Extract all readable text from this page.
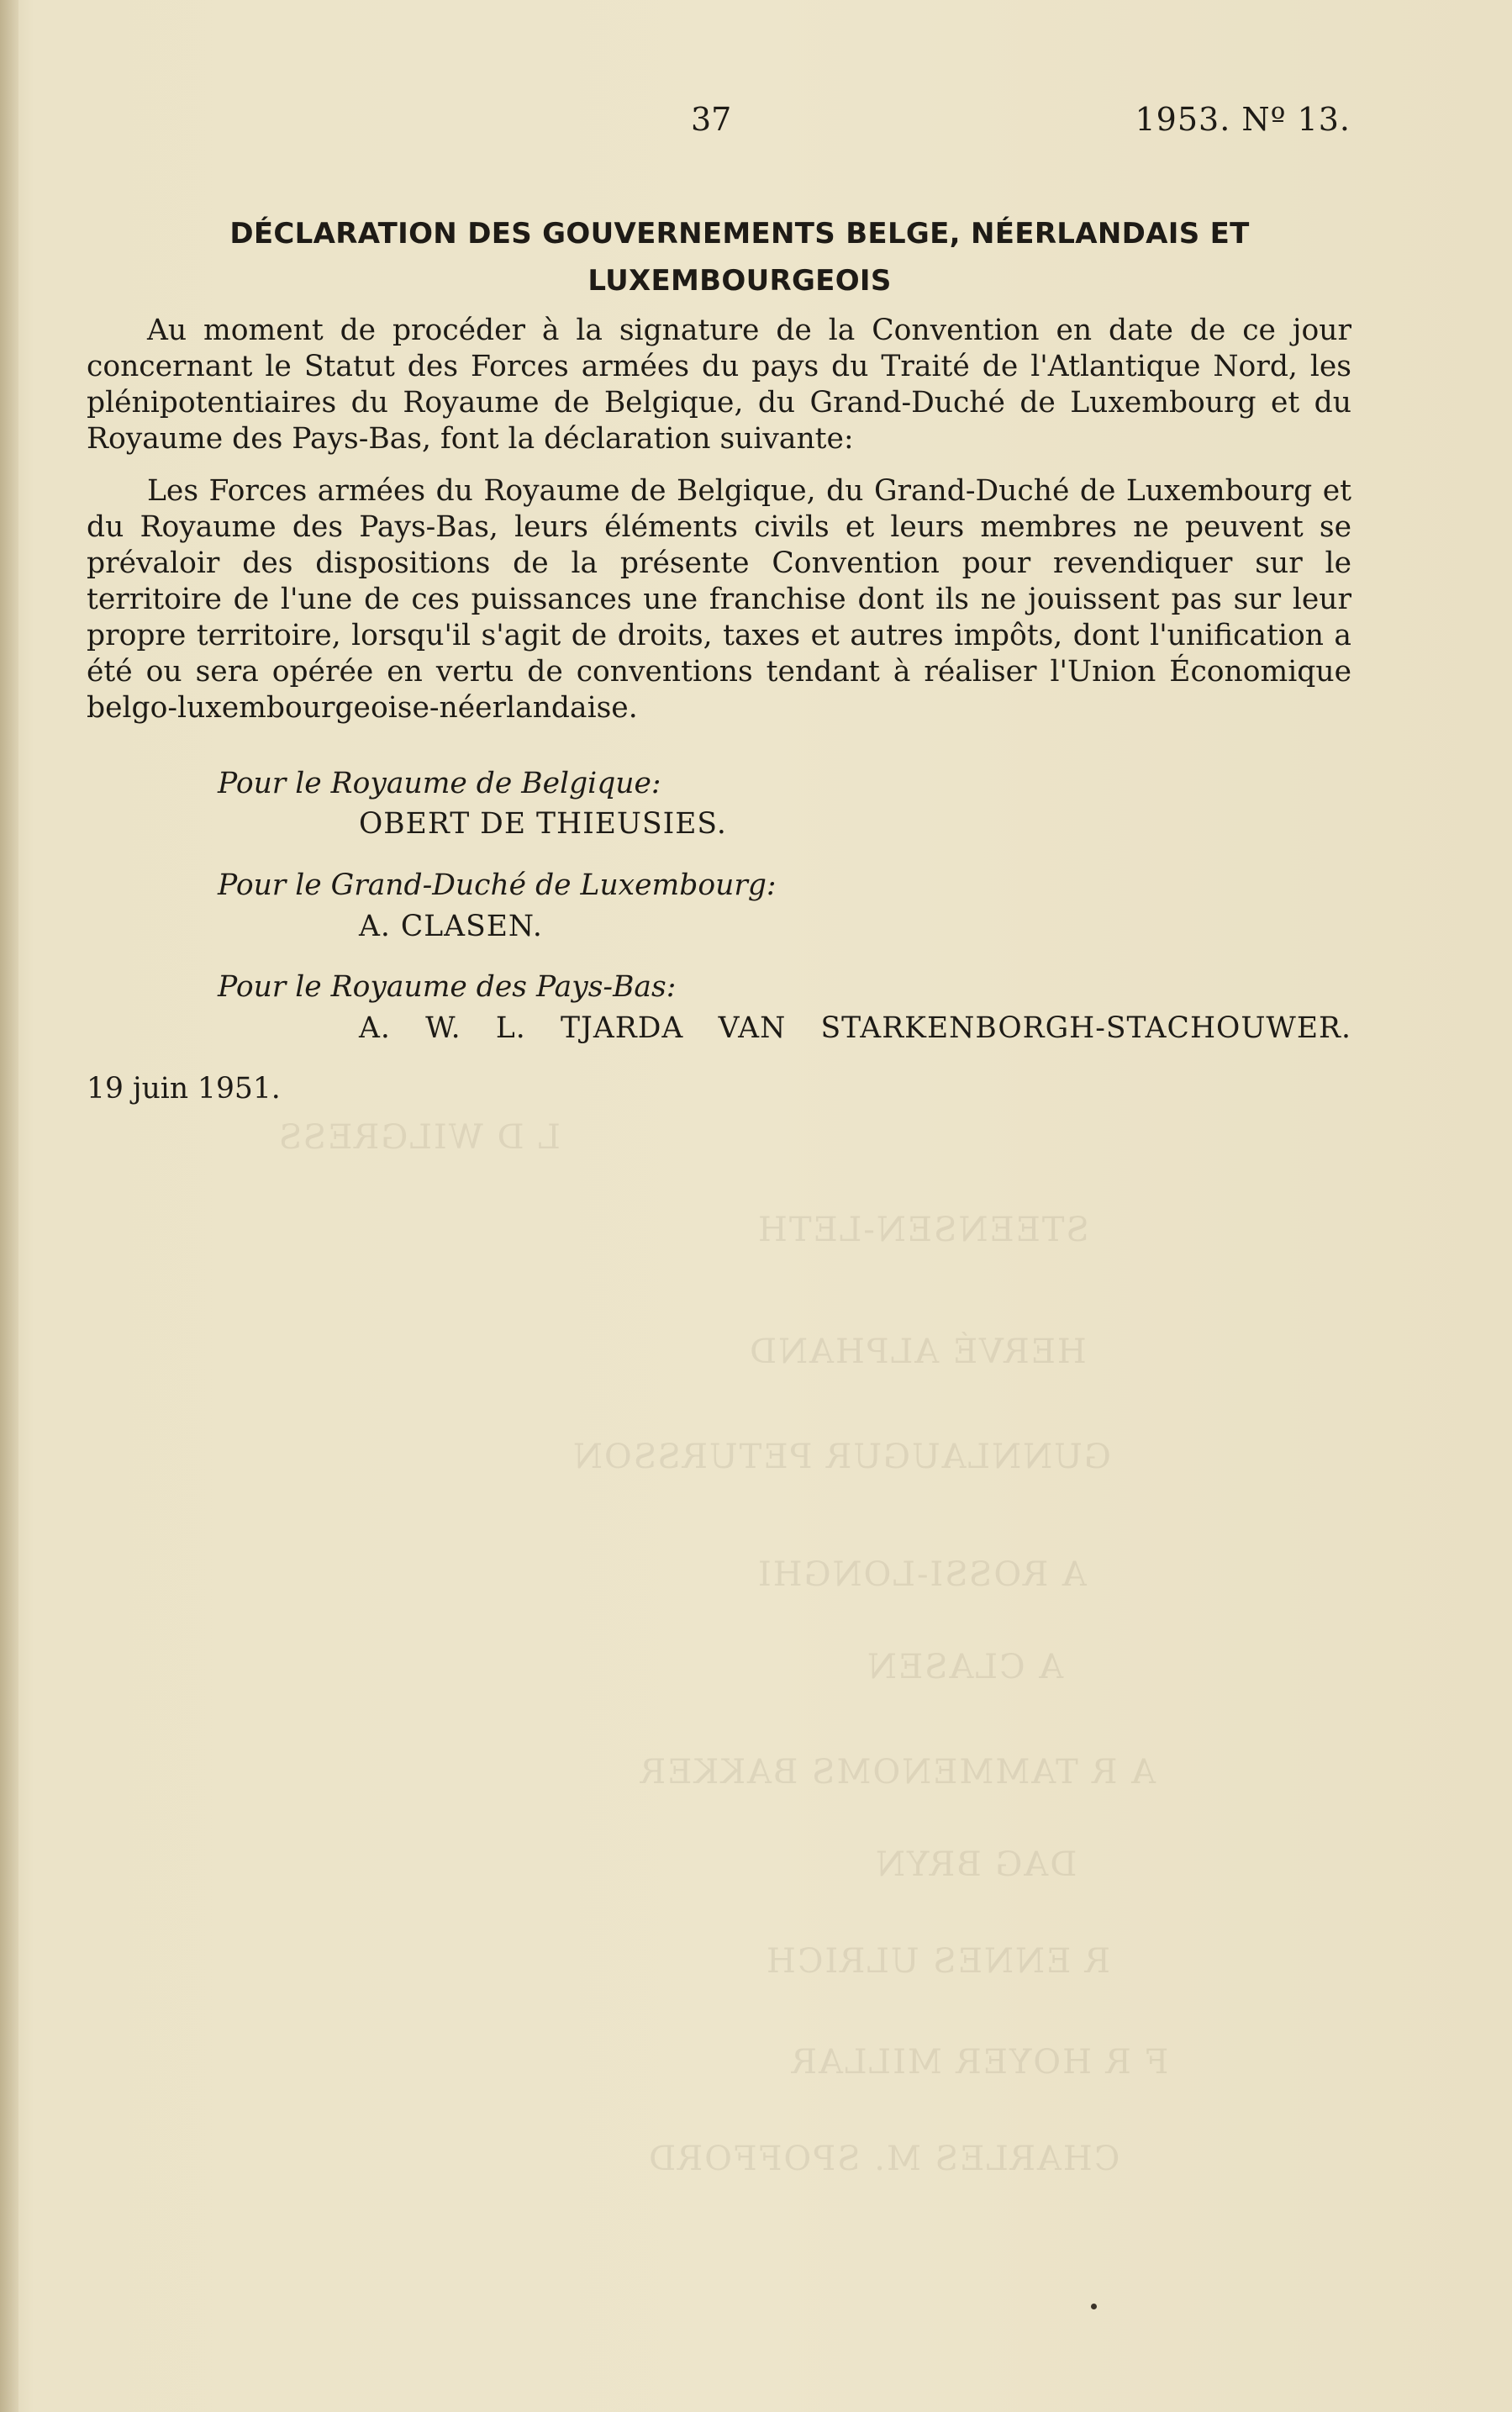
L D WILGRESS
STEENSEN-LETH
HERVÉ ALPHAND
GUNNLAUGUR PETURSSON
A ROSSI-LONGHI
A CLASEN
A R TAMMENOMS BAKKER
DAG BRYN
R ENNES ULRICH
F R HOYER MILLAR
CHARLES M. SPOFFORD
37	1953. Nº 13.
DÉCLARATION DES GOUVERNEMENTS BELGE, NÉERLANDAIS ET
LUXEMBOURGEOIS

Au moment de procéder à la signature de la Convention en date de ce jour concernant le Statut des Forces armées du pays du Traité de l'Atlantique Nord, les plénipotentiaires du Royaume de Belgique, du Grand-Duché de Luxembourg et du Royaume des Pays-Bas, font la déclaration suivante:

Les Forces armées du Royaume de Belgique, du Grand-Duché de Luxembourg et du Royaume des Pays-Bas, leurs éléments civils et leurs membres ne peuvent se prévaloir des dispositions de la présente Convention pour revendiquer sur le territoire de l'une de ces puissances une franchise dont ils ne jouissent pas sur leur propre territoire, lorsqu'il s'agit de droits, taxes et autres impôts, dont l'unification a été ou sera opérée en vertu de conventions tendant à réaliser l'Union Économique belgo-luxembourgeoise-néerlandaise.

Pour le Royaume de Belgique:
OBERT DE THIEUSIES.
Pour le Grand-Duché de Luxembourg:
A. CLASEN.
Pour le Royaume des Pays-Bas:
A. W. L. TJARDA VAN STARKENBORGH-STACHOUWER.
19 juin 1951.
